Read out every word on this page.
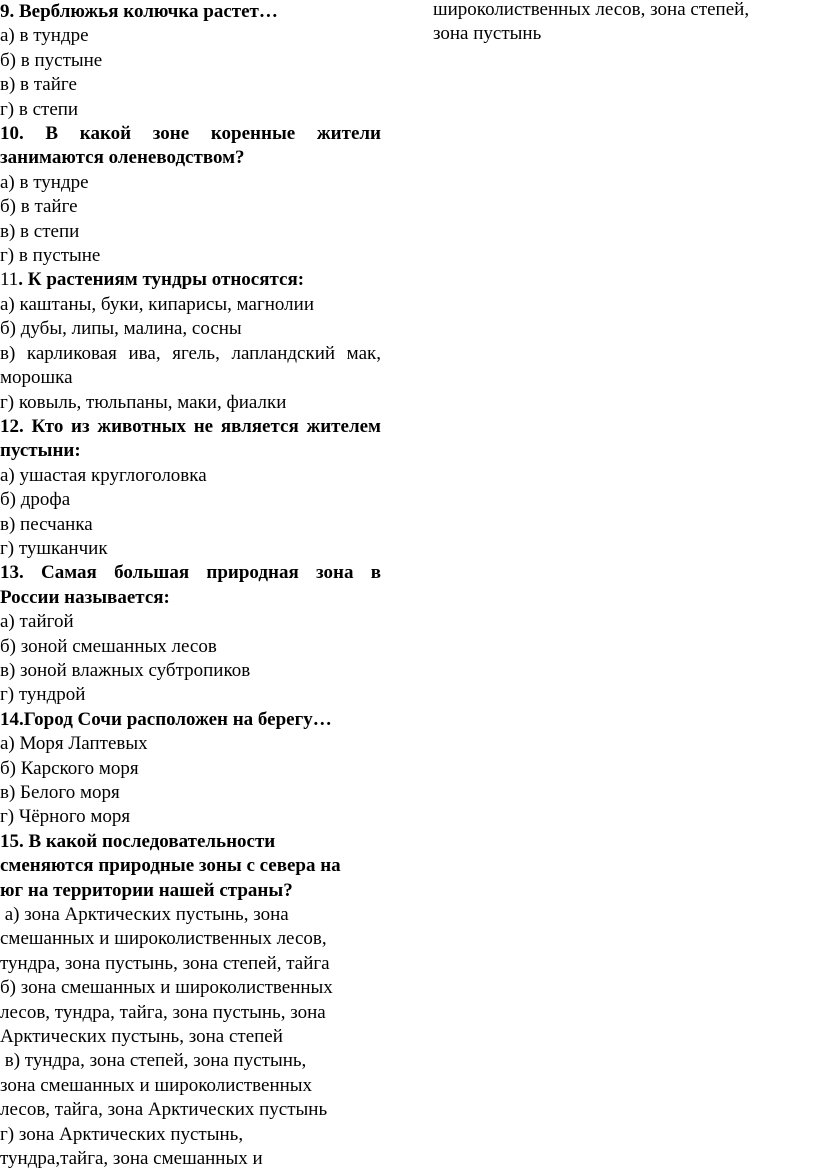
9. Верблюжья колючка растет…
а) в тундре
б) в пустыне
в) в тайге
г) в степи
10. В какой зоне коренные жители занимаются оленеводством?
а) в тундре
б) в тайге
в) в степи
г) в пустыне
11. К растениям тундры относятся:
а) каштаны, буки, кипарисы, магнолии
б) дубы, липы, малина, сосны
в) карликовая ива, ягель, лапландский мак, морошка
г) ковыль, тюльпаны, маки, фиалки
12. Кто из животных не является жителем пустыни:
а) ушастая круглоголовка
б) дрофа
в) песчанка
г) тушканчик
13. Самая большая природная зона в России называется:
а) тайгой
б) зоной смешанных лесов
в) зоной влажных субтропиков
г) тундрой
14.Город Сочи расположен на берегу…
а) Моря Лаптевых
б) Карского моря
в) Белого моря
г) Чёрного моря
15. В какой последовательности
сменяются природные зоны с севера на
юг на территории нашей страны?
а) зона Арктических пустынь, зона
смешанных и широколиственных лесов,
тундра, зона пустынь, зона степей, тайга
б) зона смешанных и широколиственных
лесов, тундра, тайга, зона пустынь, зона
Арктических пустынь, зона степей
в) тундра, зона степей, зона пустынь,
зона смешанных и широколиственных
лесов, тайга, зона Арктических пустынь
г) зона Арктических пустынь,
тундра,тайга, зона смешанных и
широколиственных лесов, зона степей,
зона пустынь
